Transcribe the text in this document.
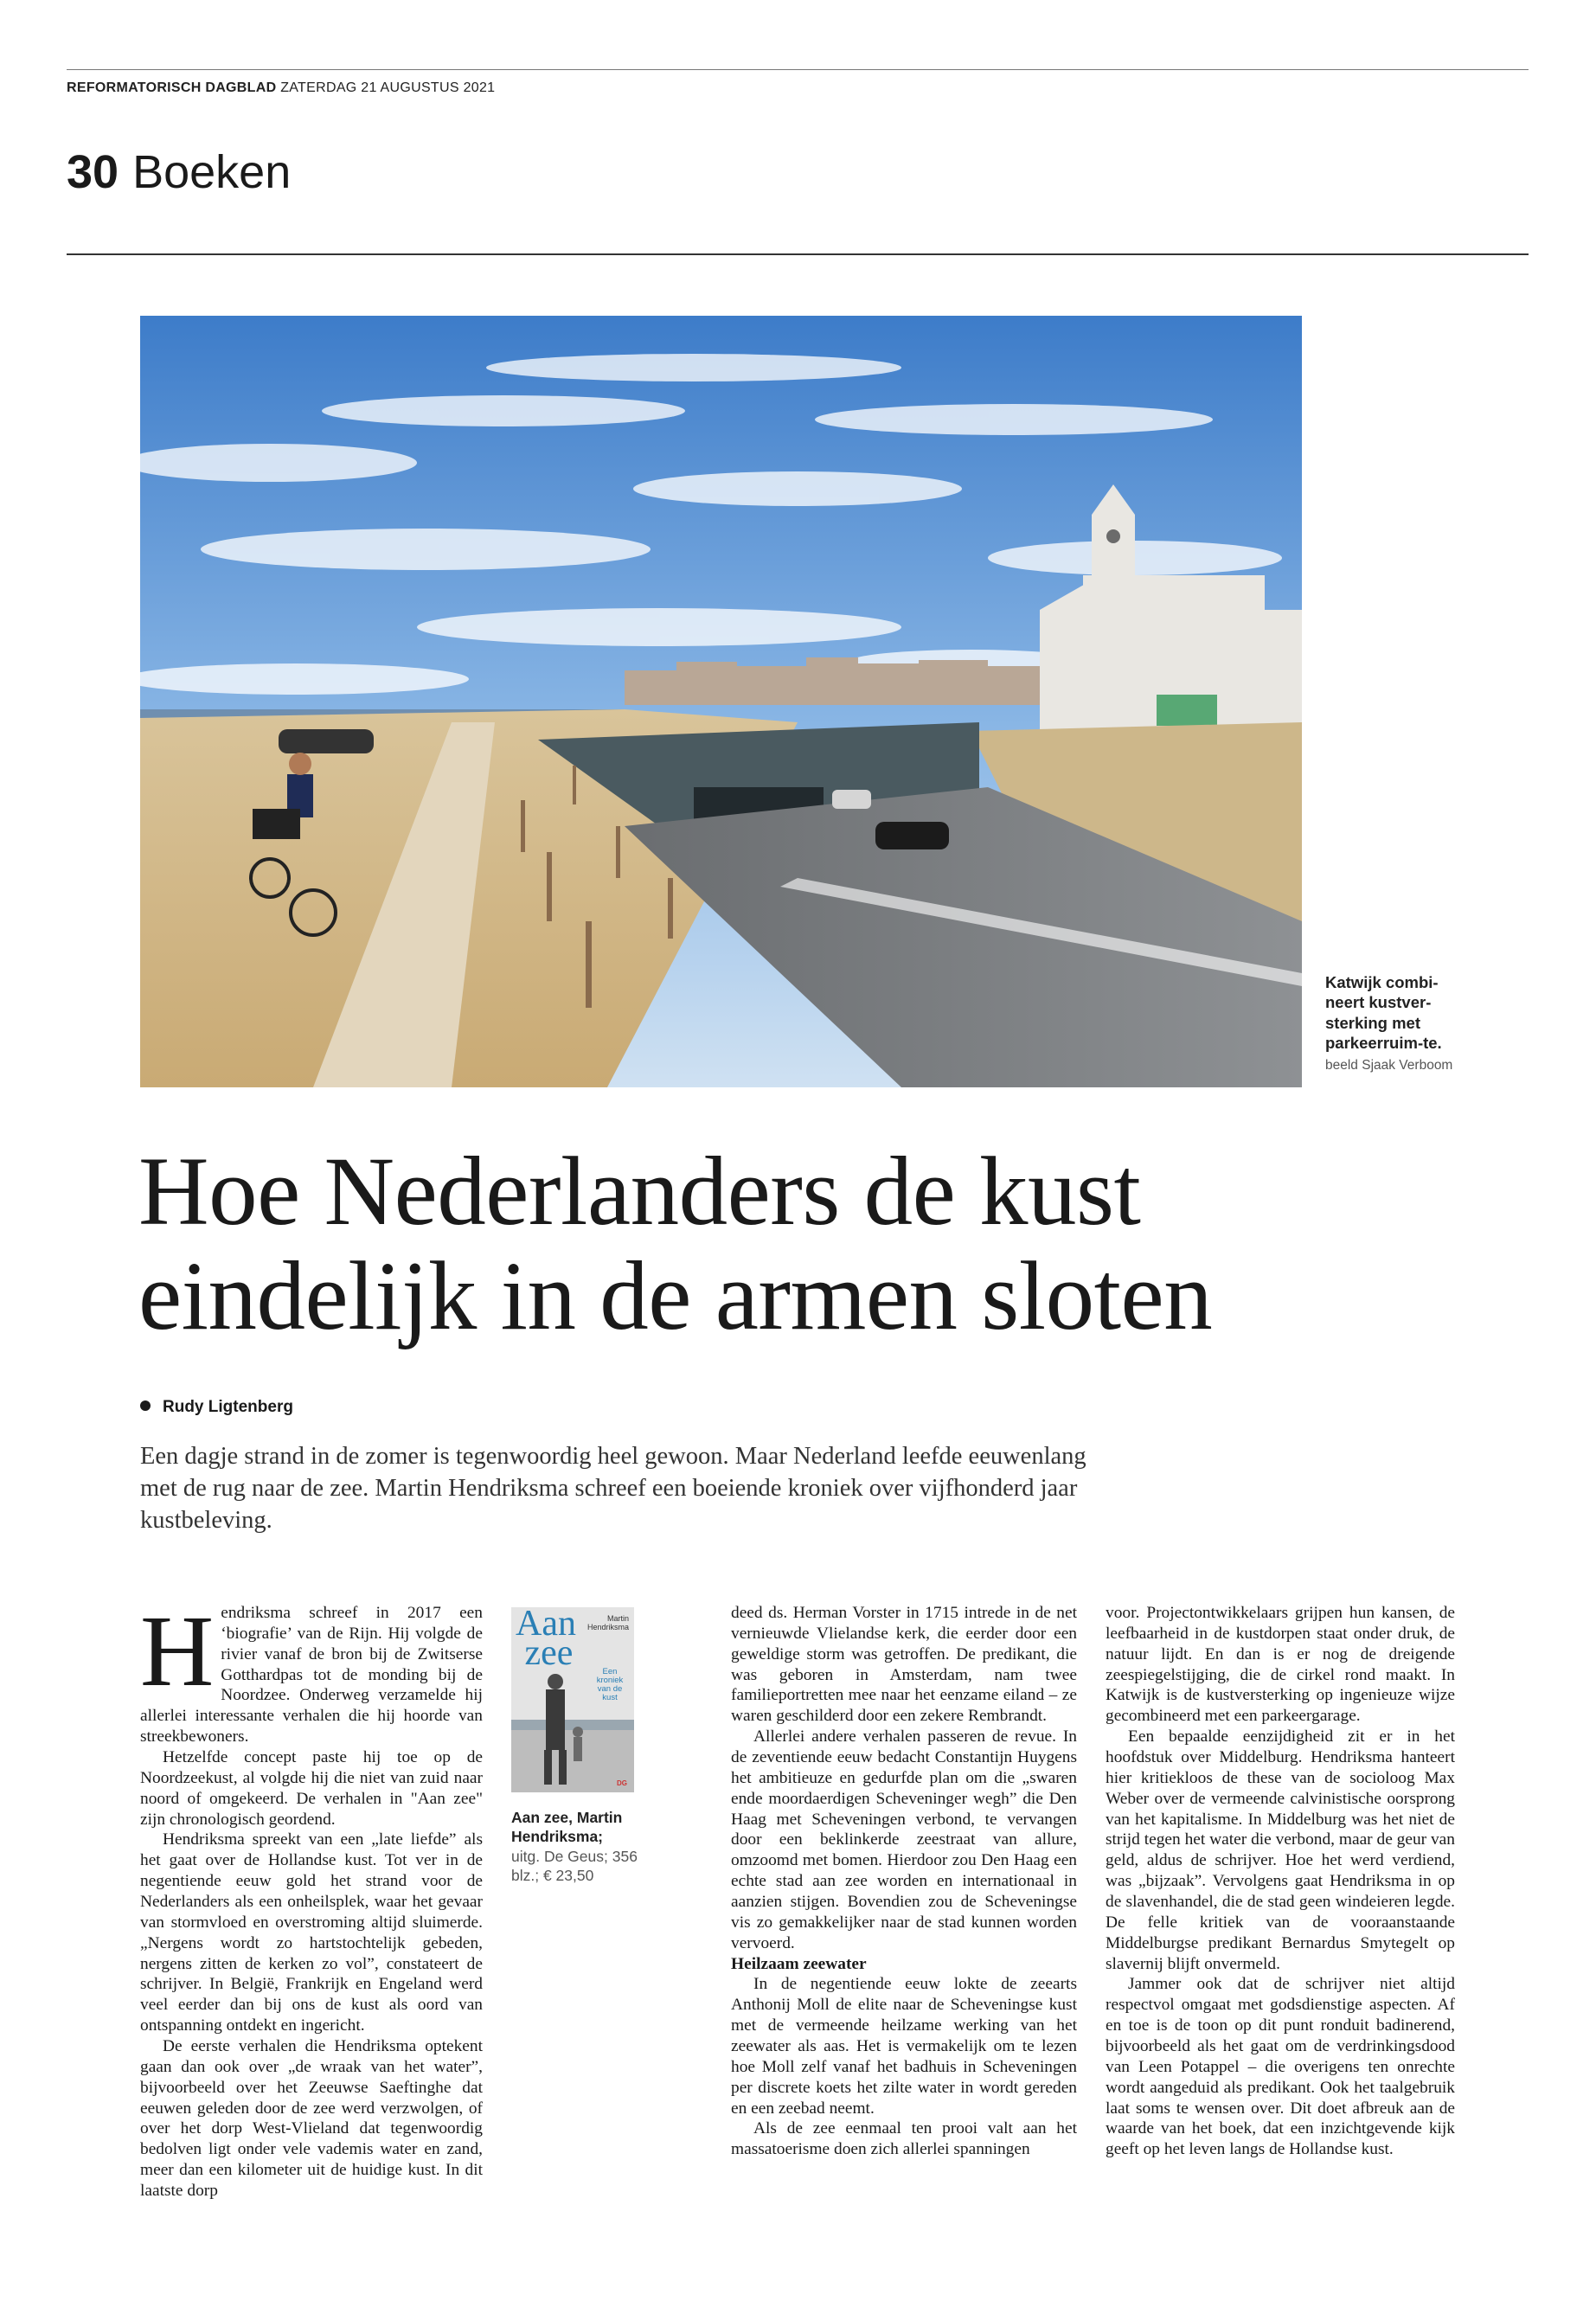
REFORMATORISCH DAGBLAD ZATERDAG 21 AUGUSTUS 2021
30 Boeken
Katwijk combi-neert kustver-sterking met parkeerruim-te. beeld Sjaak Verboom
Hoe Nederlanders de kust
eindelijk in de armen sloten
Rudy Ligtenberg

Een dagje strand in de zomer is tegenwoordig heel gewoon. Maar Nederland leefde eeuwenlang met de rug naar de zee. Martin Hendriksma schreef een boeiende kroniek over vijfhonderd jaar kustbeleving.

Hendriksma schreef in 2017 een ‘biografie’ van de Rijn. Hij volgde de rivier vanaf de bron bij de Zwitserse Gotthardpas tot de monding bij de Noordzee. Onderweg verzamelde hij allerlei interessante verhalen die hij hoorde van streekbewoners.

Hetzelfde concept paste hij toe op de Noordzeekust, al volgde hij die niet van zuid naar noord of omgekeerd. De verhalen in "Aan zee" zijn chronologisch geordend.

Hendriksma spreekt van een „late liefde” als het gaat over de Hollandse kust. Tot ver in de negentiende eeuw gold het strand voor de Nederlanders als een onheilsplek, waar het gevaar van stormvloed en overstroming altijd sluimerde. „Nergens wordt zo hartstochtelijk gebeden, nergens zitten de kerken zo vol”, constateert de schrijver. In België, Frankrijk en Engeland werd veel eerder dan bij ons de kust als oord van ontspanning ontdekt en ingericht.

De eerste verhalen die Hendriksma optekent gaan dan ook over „de wraak van het water”, bijvoorbeeld over het Zeeuwse Saeftinghe dat eeuwen geleden door de zee werd verzwolgen, of over het dorp West-Vlieland dat tegenwoordig bedolven ligt onder vele vademis water en zand, meer dan een kilometer uit de huidige kust. In dit laatste dorp

Aan
zee
Martin Hendriksma
Een kroniek van de kust
DG
Aan zee, Martin Hendriksma;
uitg. De Geus; 356 blz.; € 23,50

deed ds. Herman Vorster in 1715 intrede in de net vernieuwde Vlielandse kerk, die eerder door een geweldige storm was getroffen. De predikant, die was geboren in Amsterdam, nam twee familieportretten mee naar het eenzame eiland – ze waren geschilderd door een zekere Rembrandt.

Allerlei andere verhalen passeren de revue. In de zeventiende eeuw bedacht Constantijn Huygens het ambitieuze en gedurfde plan om die „swaren ende moordaerdigen Scheveninger wegh” die Den Haag met Scheveningen verbond, te vervangen door een beklinkerde zeestraat van allure, omzoomd met bomen. Hierdoor zou Den Haag een echte stad aan zee worden en internationaal in aanzien stijgen. Bovendien zou de Scheveningse vis zo gemakkelijker naar de stad kunnen worden vervoerd.

Heilzaam zeewater

In de negentiende eeuw lokte de zeearts Anthonij Moll de elite naar de Scheveningse kust met de vermeende heilzame werking van het zeewater als aas. Het is vermakelijk om te lezen hoe Moll zelf vanaf het badhuis in Scheveningen per discrete koets het zilte water in wordt gereden en een zeebad neemt.

Als de zee eenmaal ten prooi valt aan het massatoerisme doen zich allerlei spanningen

voor. Projectontwikkelaars grijpen hun kansen, de leefbaarheid in de kustdorpen staat onder druk, de natuur lijdt. En dan is er nog de dreigende zeespiegelstijging, die de cirkel rond maakt. In Katwijk is de kustversterking op ingenieuze wijze gecombineerd met een parkeergarage.

Een bepaalde eenzijdigheid zit er in het hoofdstuk over Middelburg. Hendriksma hanteert hier kritiekloos de these van de socioloog Max Weber over de vermeende calvinistische oorsprong van het kapitalisme. In Middelburg was het niet de strijd tegen het water die verbond, maar de geur van geld, aldus de schrijver. Hoe het werd verdiend, was „bijzaak”. Vervolgens gaat Hendriksma in op de slavenhandel, die de stad geen windeieren legde. De felle kritiek van de vooraanstaande Middelburgse predikant Bernardus Smytegelt op slavernij blijft onvermeld.

Jammer ook dat de schrijver niet altijd respectvol omgaat met godsdienstige aspecten. Af en toe is de toon op dit punt ronduit badinerend, bijvoorbeeld als het gaat om de verdrinkingsdood van Leen Potappel – die overigens ten onrechte wordt aangeduid als predikant. Ook het taalgebruik laat soms te wensen over. Dit doet afbreuk aan de waarde van het boek, dat een inzichtgevende kijk geeft op het leven langs de Hollandse kust.
